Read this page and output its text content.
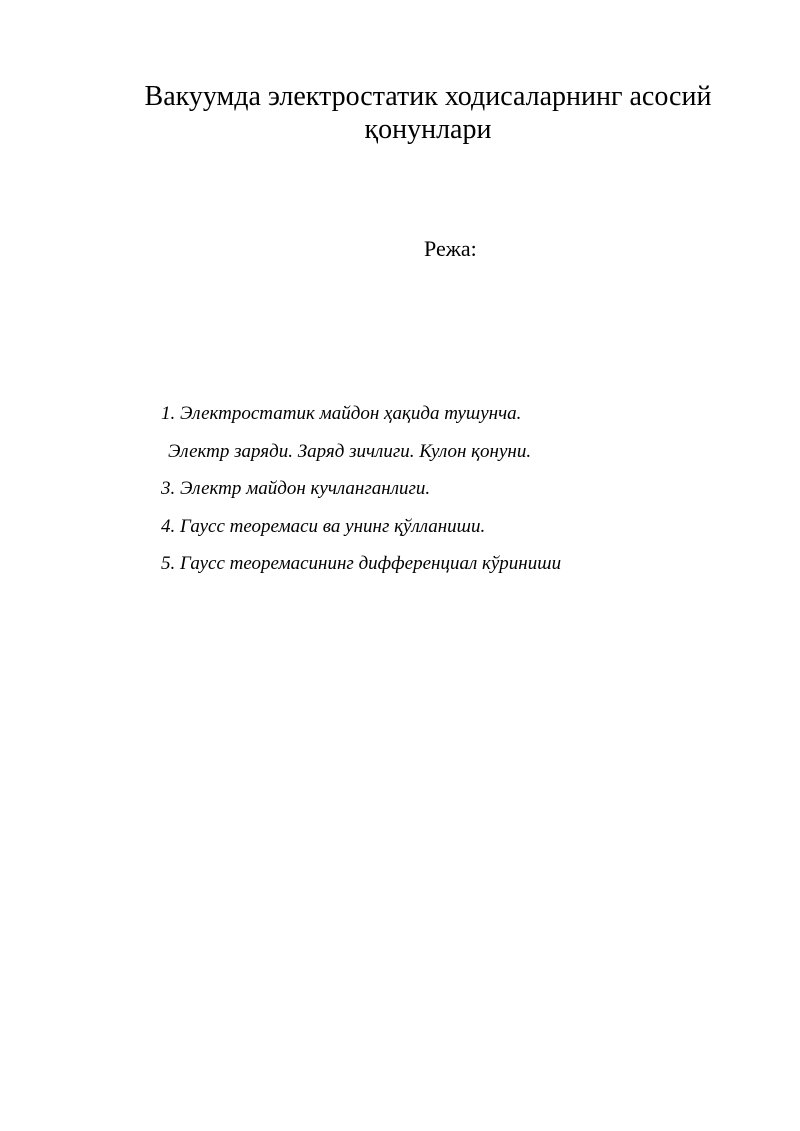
Вакуумда электростатик ходисаларнинг асосий
қонунлари
Режа:
1. Электростатик майдон ҳақида тушунча.
Электр заряди. Заряд зичлиги. Кулон қонуни.
3. Электр майдон кучланганлиги.
4. Гаусс теоремаси ва унинг қўлланиши.
5. Гаусс теоремасининг дифференциал кўриниши
